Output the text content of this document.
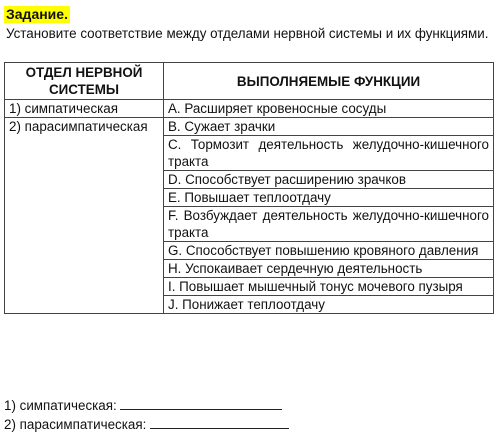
Задание.
Установите соответствие между отделами нервной системы и их функциями.
ОТДЕЛ НЕРВНОЙ СИСТЕМЫ	ВЫПОЛНЯЕМЫЕ ФУНКЦИИ
1) симпатическая	A. Расширяет кровеносные сосуды
2) парасимпатическая	B. Сужает зрачки
	C. Тормозит деятельность желудочно-кишечного тракта
	D. Способствует расширению зрачков
	E. Повышает теплоотдачу
	F. Возбуждает деятельность желудочно-кишечного тракта
	G. Способствует повышению кровяного давления
	H. Успокаивает сердечную деятельность
	I. Повышает мышечный тонус мочевого пузыря
	J. Понижает теплоотдачу
1) симпатическая:
2) парасимпатическая:
